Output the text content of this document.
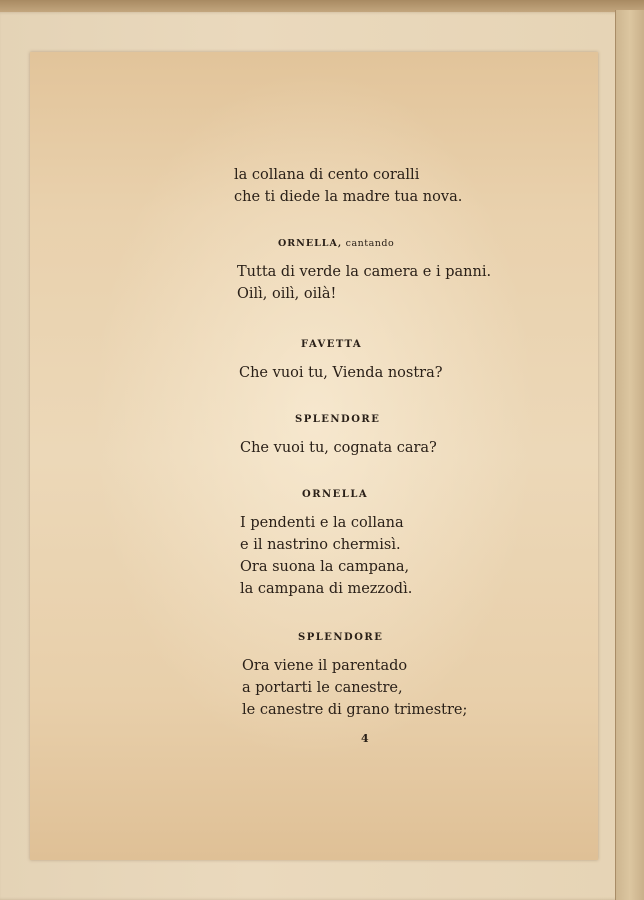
la collana di cento coralli
che ti diede la madre tua nova.
ORNELLA, cantando
Tutta di verde la camera e i panni.
Oilì, oilì, oilà!
FAVETTA
Che vuoi tu, Vienda nostra?
SPLENDORE
Che vuoi tu, cognata cara?
ORNELLA
I pendenti e la collana
e il nastrino chermisì.
Ora suona la campana,
la campana di mezzodì.
SPLENDORE
Ora viene il parentado
a portarti le canestre,
le canestre di grano trimestre;
4
